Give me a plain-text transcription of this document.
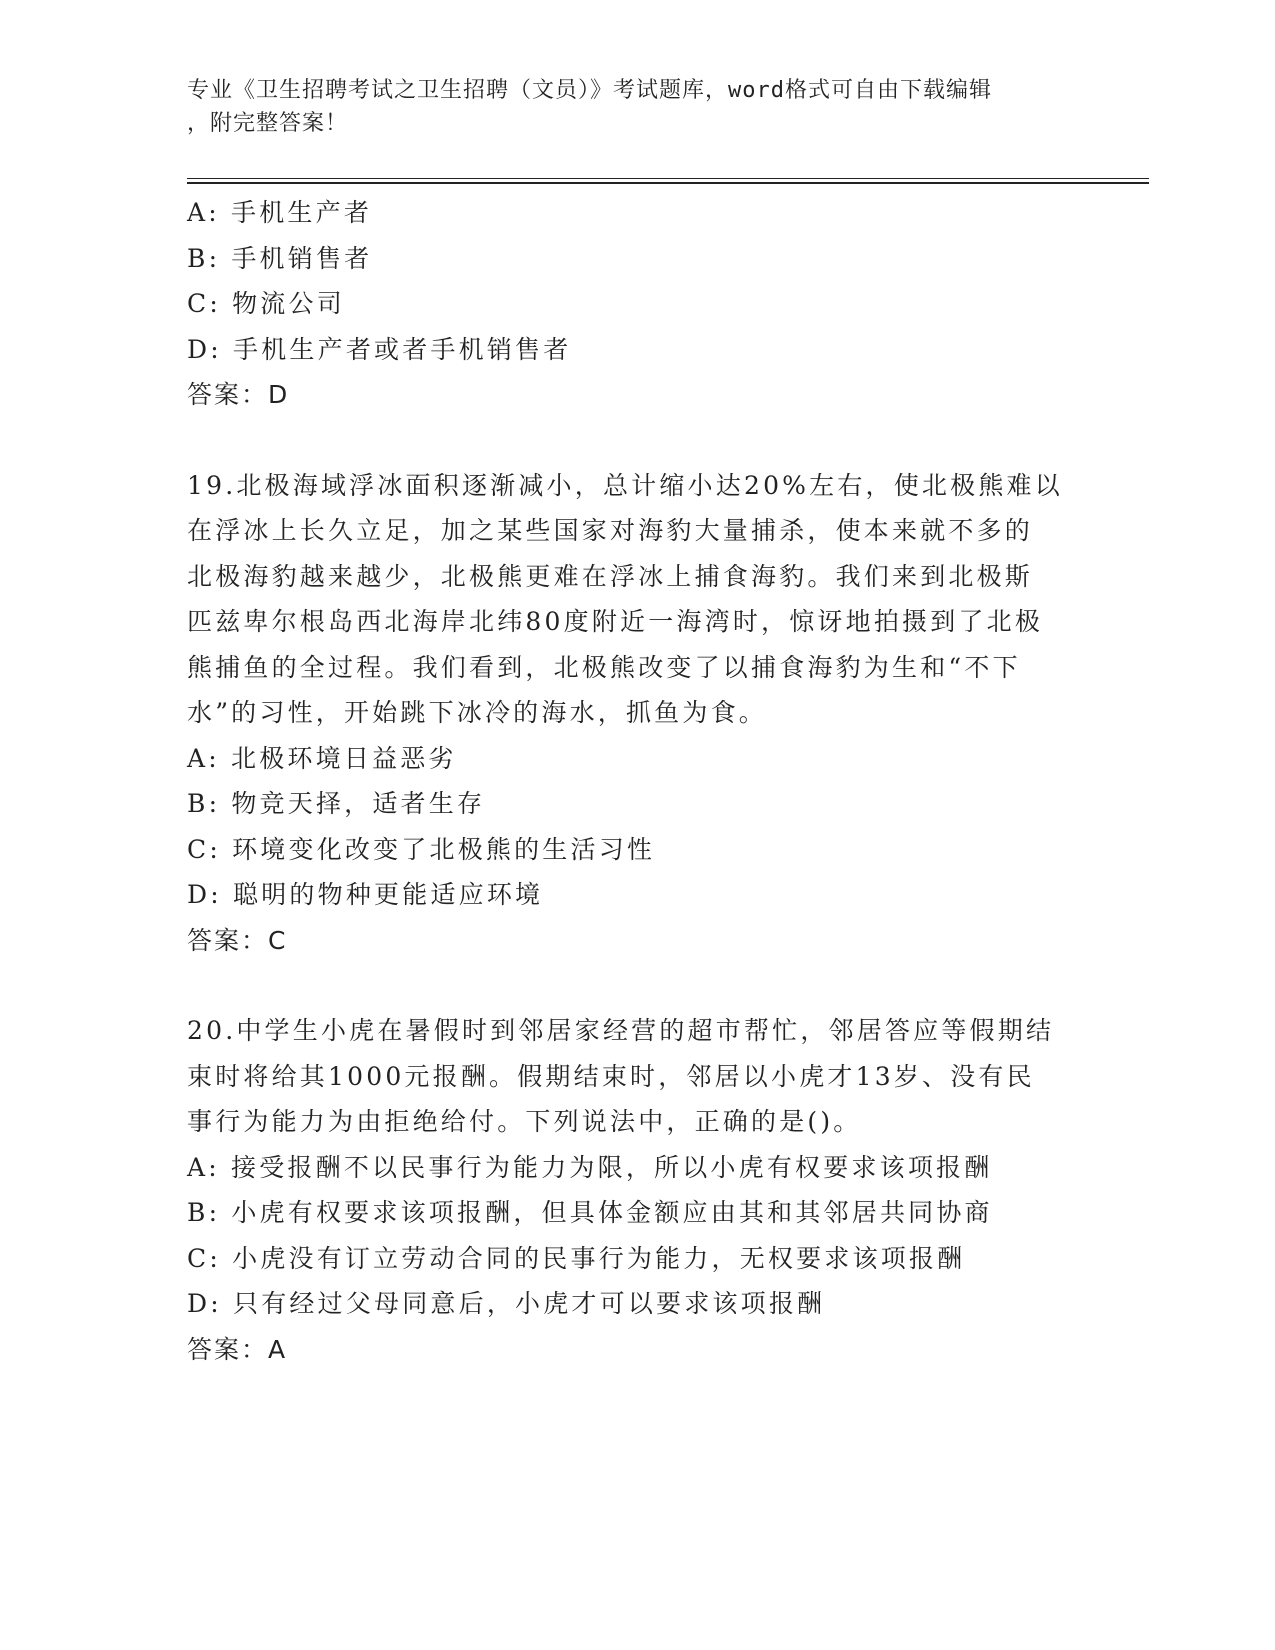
专业《卫生招聘考试之卫生招聘（文员）》考试题库，word格式可自由下载编辑
，附完整答案！
A: 手机生产者
B: 手机销售者
C: 物流公司
D: 手机生产者或者手机销售者
答案：D
19.北极海域浮冰面积逐渐减小，总计缩小达20%左右，使北极熊难以
在浮冰上长久立足，加之某些国家对海豹大量捕杀，使本来就不多的
北极海豹越来越少，北极熊更难在浮冰上捕食海豹。我们来到北极斯
匹兹卑尔根岛西北海岸北纬80度附近一海湾时，惊讶地拍摄到了北极
熊捕鱼的全过程。我们看到，北极熊改变了以捕食海豹为生和“不下
水”的习性，开始跳下冰冷的海水，抓鱼为食。
A: 北极环境日益恶劣
B: 物竞天择，适者生存
C: 环境变化改变了北极熊的生活习性
D: 聪明的物种更能适应环境
答案：C
20.中学生小虎在暑假时到邻居家经营的超市帮忙，邻居答应等假期结
束时将给其1000元报酬。假期结束时，邻居以小虎才13岁、没有民
事行为能力为由拒绝给付。下列说法中，正确的是()。
A: 接受报酬不以民事行为能力为限，所以小虎有权要求该项报酬
B: 小虎有权要求该项报酬，但具体金额应由其和其邻居共同协商
C: 小虎没有订立劳动合同的民事行为能力，无权要求该项报酬
D: 只有经过父母同意后，小虎才可以要求该项报酬
答案：A
